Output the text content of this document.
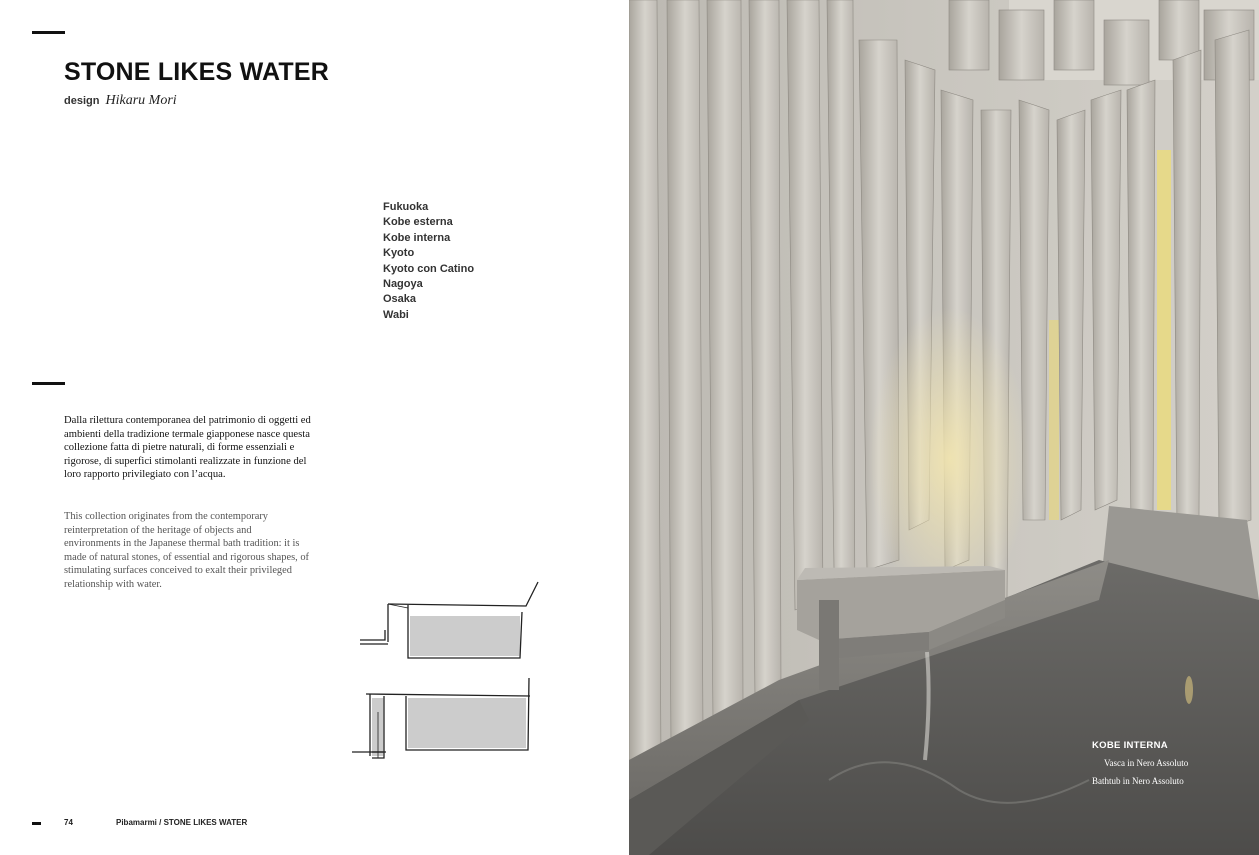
STONE LIKES WATER
design Hikaru Mori
Fukuoka
Kobe esterna
Kobe interna
Kyoto
Kyoto con Catino
Nagoya
Osaka
Wabi

Dalla rilettura contemporanea del patrimonio di oggetti ed ambienti della tradizione termale giapponese nasce questa collezione fatta di pietre naturali, di forme essenziali e rigorose, di superfici stimolanti realizzate in funzione del loro rapporto privilegiato con l’acqua.

This collection originates from the contemporary reinterpretation of the heritage of objects and environments in the Japanese thermal bath tradition: it is made of natural stones, of essential and rigorous shapes, of stimulating surfaces conceived to exalt their privileged relationship with water.

74	Pibamarmi / STONE LIKES WATER
KOBE INTERNA
Vasca in Nero Assoluto
Bathtub in Nero Assoluto
